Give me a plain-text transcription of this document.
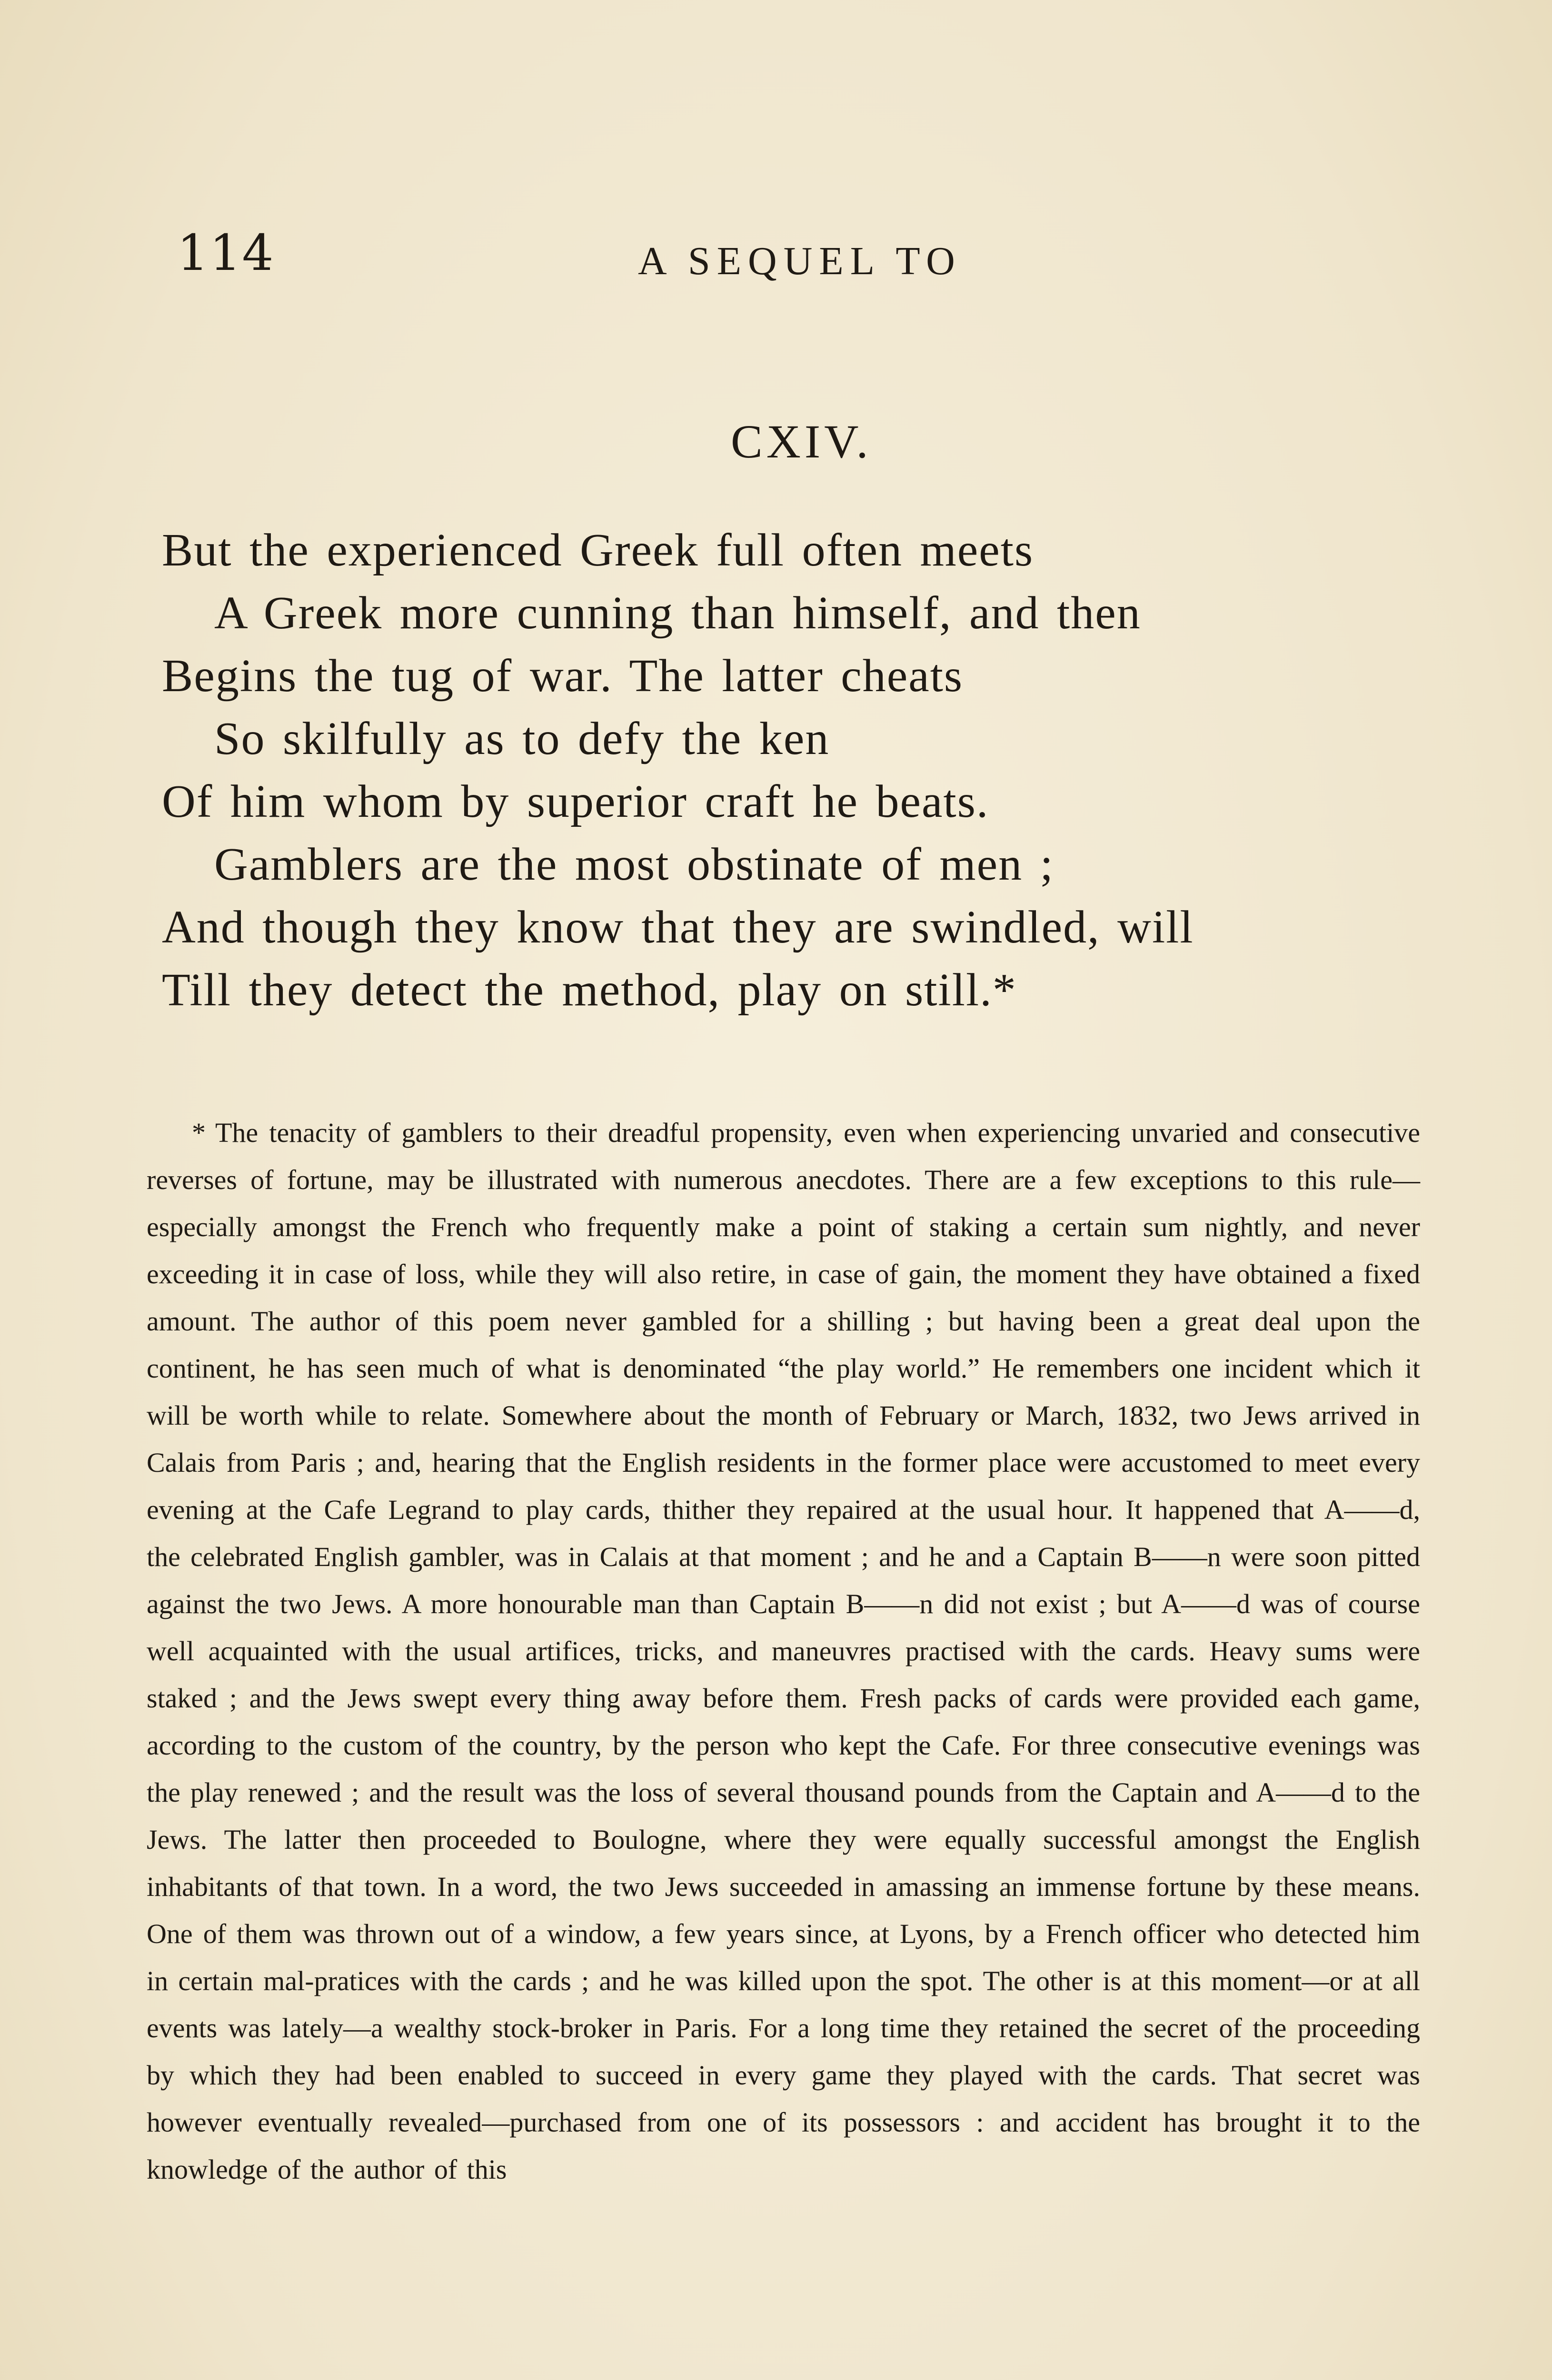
114	A SEQUEL TO
CXIV.
But the experienced Greek full often meets
A Greek more cunning than himself, and then
Begins the tug of war. The latter cheats
So skilfully as to defy the ken
Of him whom by superior craft he beats.
Gamblers are the most obstinate of men ;
And though they know that they are swindled, will
Till they detect the method, play on still.*

* The tenacity of gamblers to their dreadful propensity, even when experiencing unvaried and consecutive reverses of fortune, may be illustrated with numerous anecdotes. There are a few exceptions to this rule—especially amongst the French who frequently make a point of staking a certain sum nightly, and never exceeding it in case of loss, while they will also retire, in case of gain, the moment they have obtained a fixed amount. The author of this poem never gambled for a shilling ; but having been a great deal upon the continent, he has seen much of what is denominated “the play world.” He remembers one incident which it will be worth while to relate. Somewhere about the month of February or March, 1832, two Jews arrived in Calais from Paris ; and, hearing that the English residents in the former place were accustomed to meet every evening at the Cafe Legrand to play cards, thither they repaired at the usual hour. It happened that A——d, the celebrated English gambler, was in Calais at that moment ; and he and a Captain B——n were soon pitted against the two Jews. A more honourable man than Captain B——n did not exist ; but A——d was of course well acquainted with the usual artifices, tricks, and maneuvres practised with the cards. Heavy sums were staked ; and the Jews swept every thing away before them. Fresh packs of cards were provided each game, according to the custom of the country, by the person who kept the Cafe. For three consecutive evenings was the play renewed ; and the result was the loss of several thousand pounds from the Captain and A——d to the Jews. The latter then proceeded to Boulogne, where they were equally successful amongst the English inhabitants of that town. In a word, the two Jews succeeded in amassing an immense fortune by these means. One of them was thrown out of a window, a few years since, at Lyons, by a French officer who detected him in certain mal-pratices with the cards ; and he was killed upon the spot. The other is at this moment—or at all events was lately—a wealthy stock-broker in Paris. For a long time they retained the secret of the proceeding by which they had been enabled to succeed in every game they played with the cards. That secret was however eventually revealed—purchased from one of its possessors : and accident has brought it to the knowledge of the author of this
